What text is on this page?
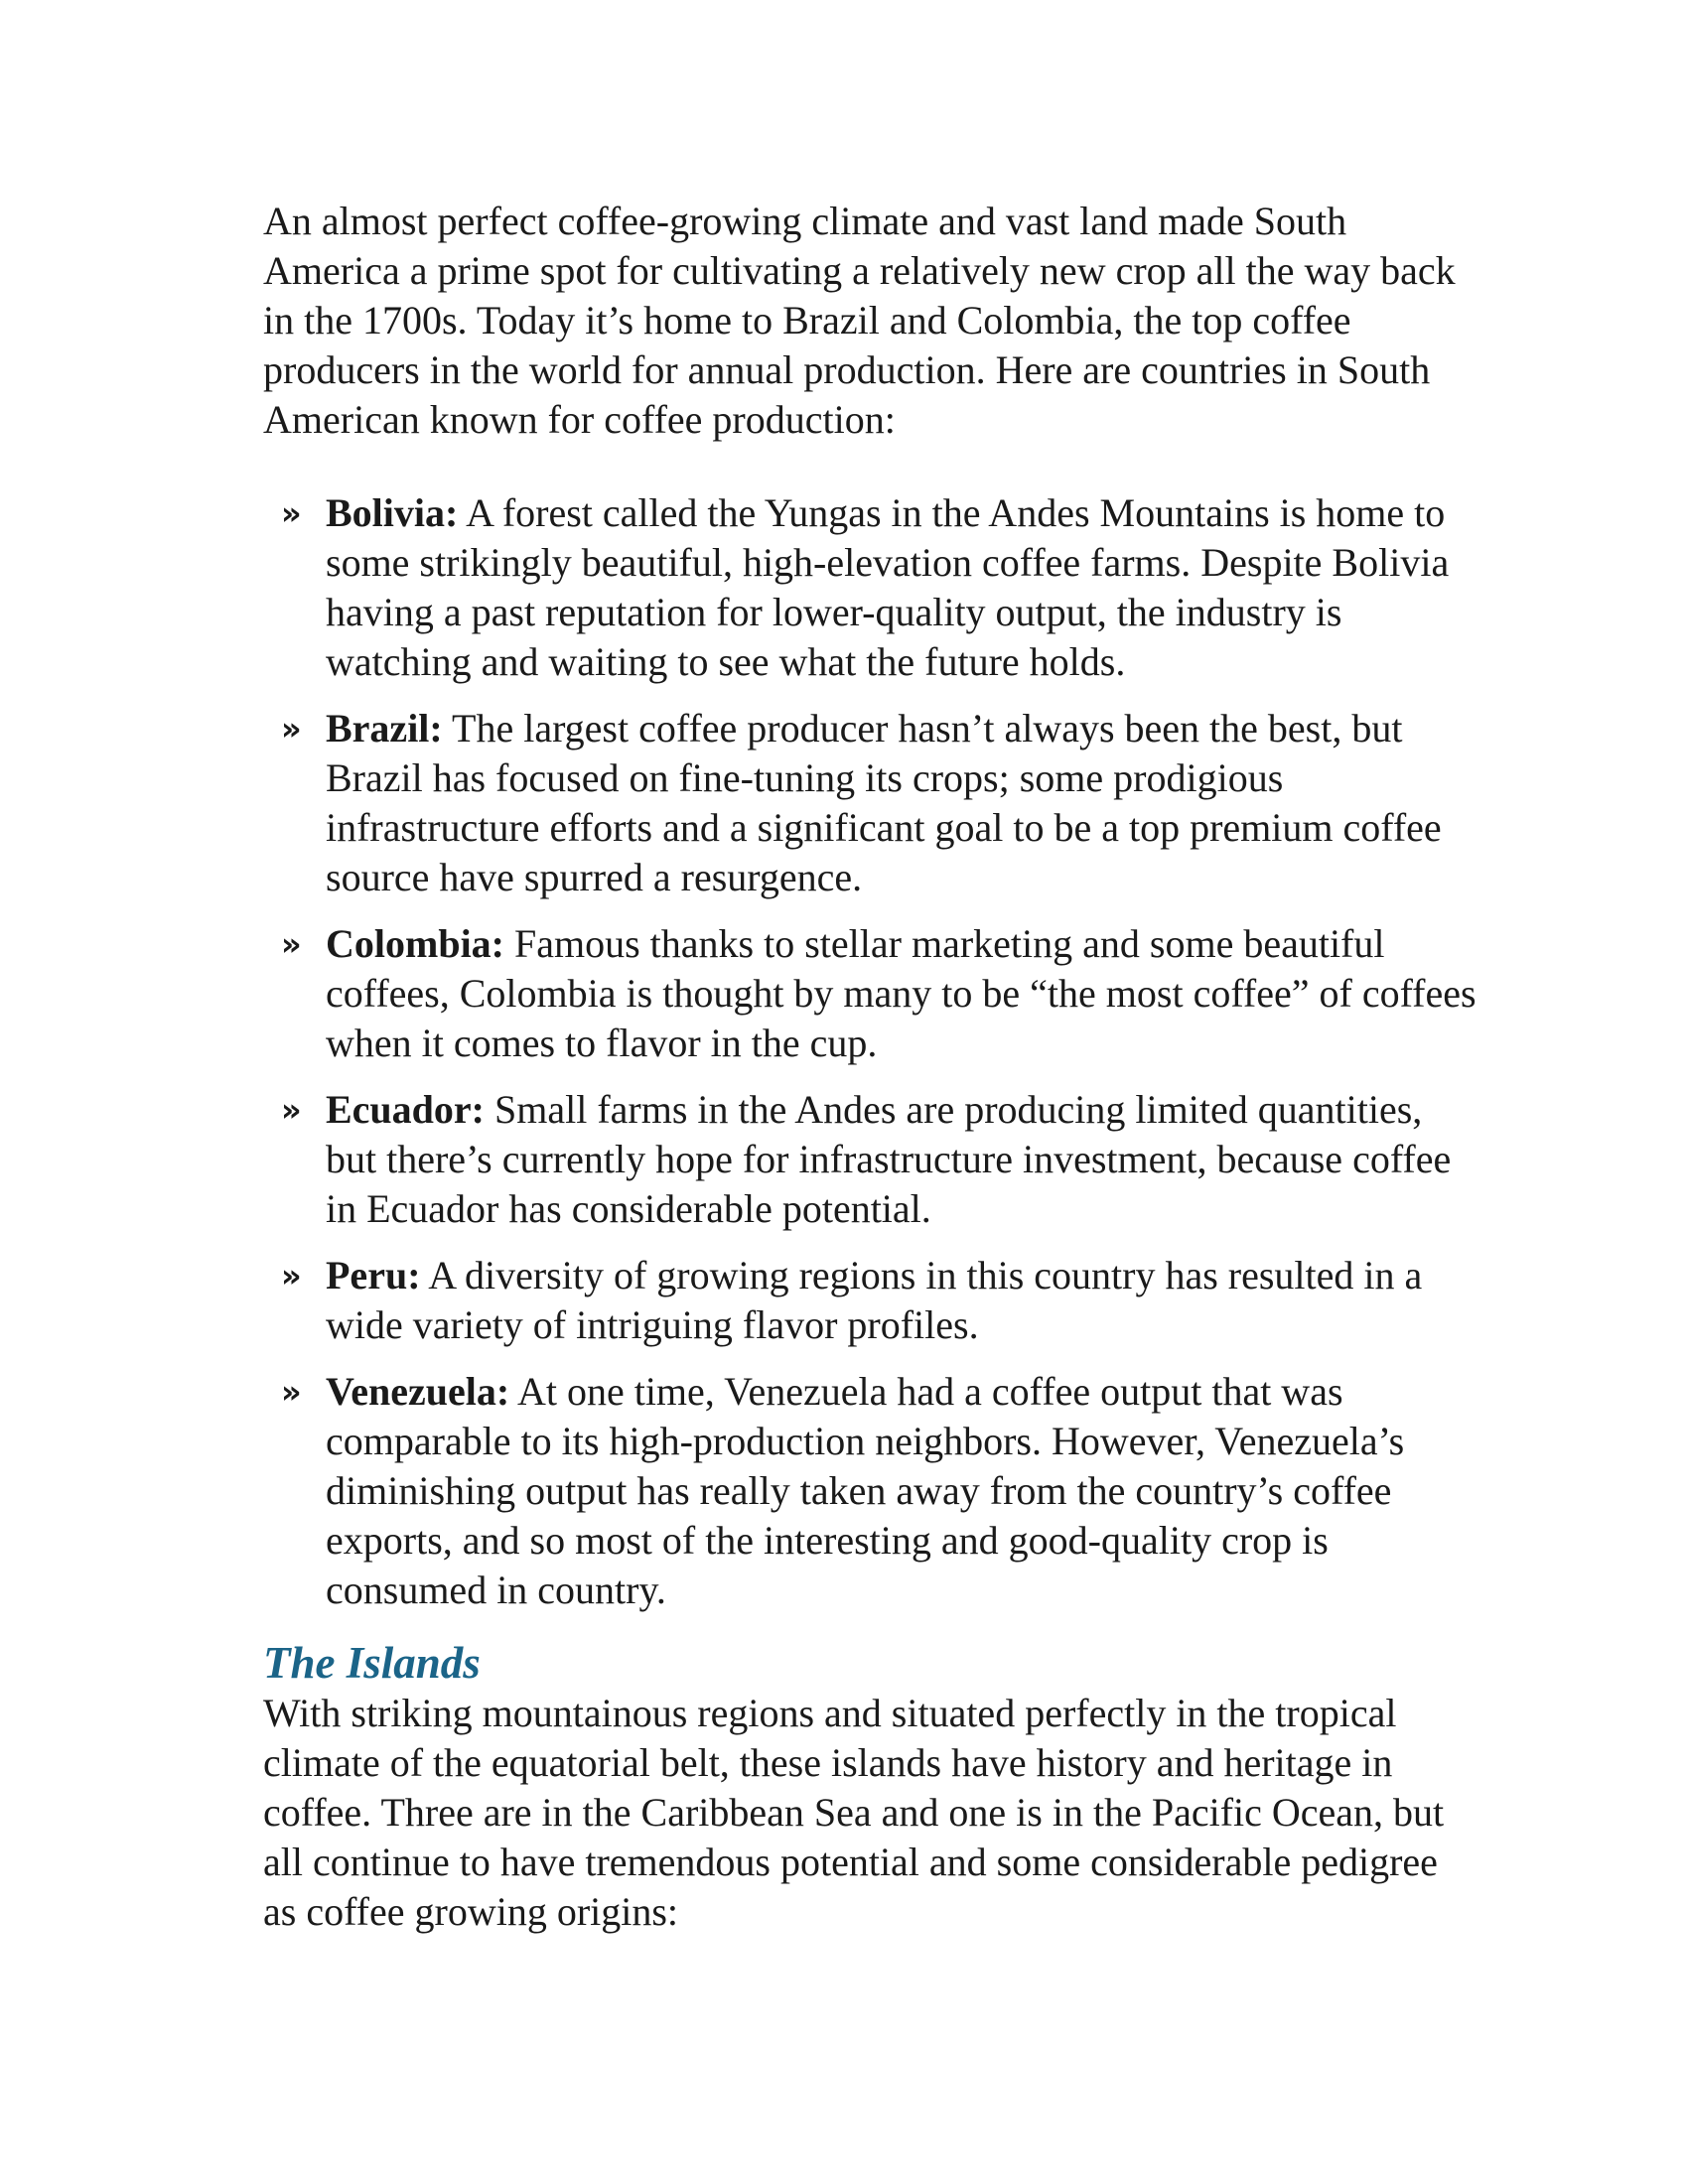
An almost perfect coffee-growing climate and vast land made South America a prime spot for cultivating a relatively new crop all the way back in the 1700s. Today it’s home to Brazil and Colombia, the top coffee producers in the world for annual production. Here are countries in South American known for coffee production:

» Bolivia: A forest called the Yungas in the Andes Mountains is home to some strikingly beautiful, high-elevation coffee farms. Despite Bolivia having a past reputation for lower-quality output, the industry is watching and waiting to see what the future holds.
» Brazil: The largest coffee producer hasn’t always been the best, but Brazil has focused on fine-tuning its crops; some prodigious infrastructure efforts and a significant goal to be a top premium coffee source have spurred a resurgence.
» Colombia: Famous thanks to stellar marketing and some beautiful coffees, Colombia is thought by many to be “the most coffee” of coffees when it comes to flavor in the cup.
» Ecuador: Small farms in the Andes are producing limited quantities, but there’s currently hope for infrastructure investment, because coffee in Ecuador has considerable potential.
» Peru: A diversity of growing regions in this country has resulted in a wide variety of intriguing flavor profiles.
» Venezuela: At one time, Venezuela had a coffee output that was comparable to its high-production neighbors. However, Venezuela’s diminishing output has really taken away from the country’s coffee exports, and so most of the interesting and good-quality crop is consumed in country.
The Islands

With striking mountainous regions and situated perfectly in the tropical climate of the equatorial belt, these islands have history and heritage in coffee. Three are in the Caribbean Sea and one is in the Pacific Ocean, but all continue to have tremendous potential and some considerable pedigree as coffee growing origins:
